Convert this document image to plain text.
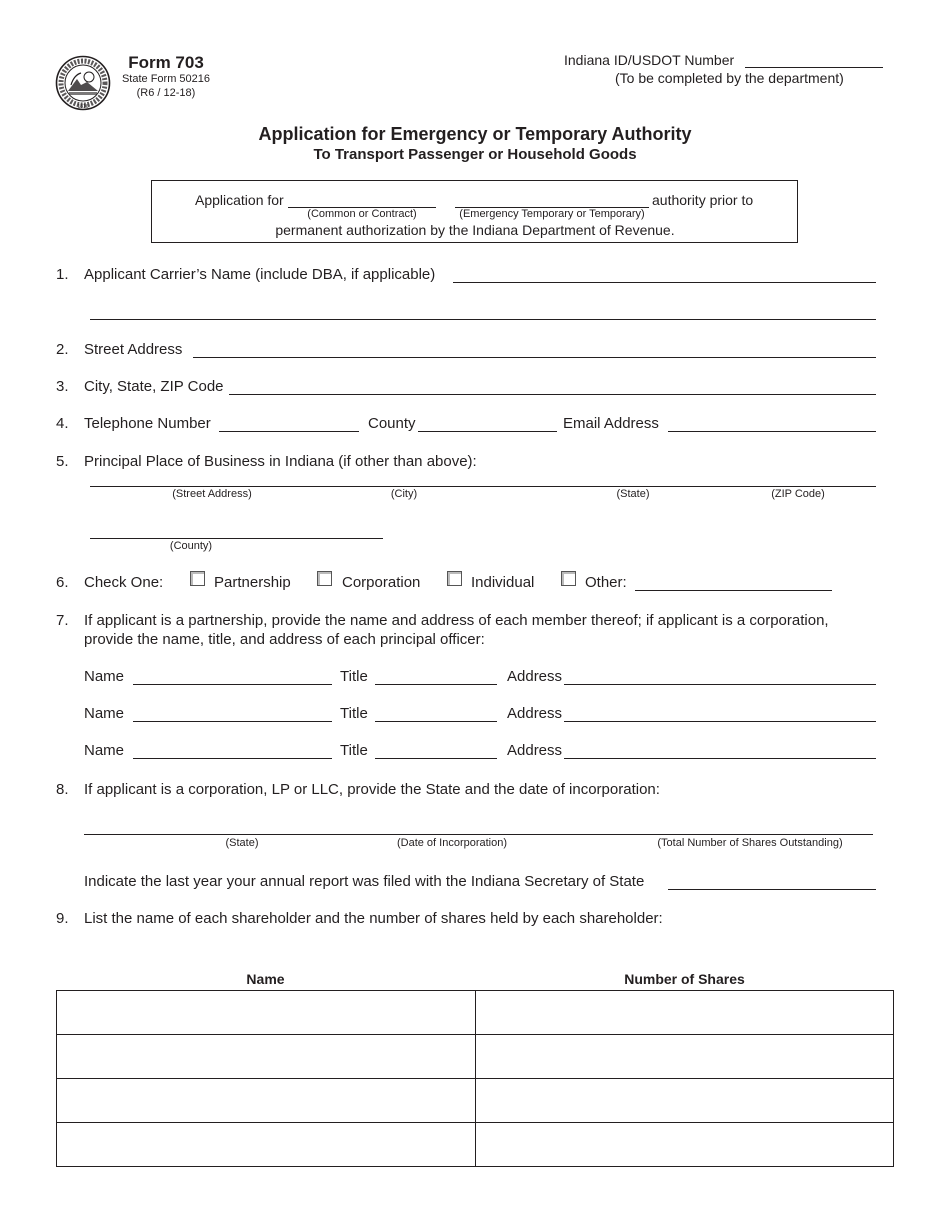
1816
Form 703
State Form 50216
(R6 / 12-18)
Indiana ID/USDOT Number
(To be completed by the department)
Application for Emergency or Temporary Authority
To Transport Passenger or Household Goods
Application for
(Common or Contract)	(Emergency Temporary or Temporary)
authority prior to
permanent authorization by the Indiana Department of Revenue.
1. Applicant Carrier’s Name (include DBA, if applicable)
2. Street Address
3. City, State, ZIP Code
4. Telephone Number	County	Email Address
5. Principal Place of Business in Indiana (if other than above):
(Street Address)	(City)	(State)	(ZIP Code)
(County)
6. Check One:	Partnership	Corporation	Individual	Other:
7. If applicant is a partnership, provide the name and address of each member thereof; if applicant is a corporation,
provide the name, title, and address of each principal officer:
Name	Title	Address
Name	Title	Address
Name	Title	Address
8. If applicant is a corporation, LP or LLC, provide the State and the date of incorporation:
(State)	(Date of Incorporation)	(Total Number of Shares Outstanding)
Indicate the last year your annual report was filed with the Indiana Secretary of State
9. List the name of each shareholder and the number of shares held by each shareholder:
Name	Number of Shares
